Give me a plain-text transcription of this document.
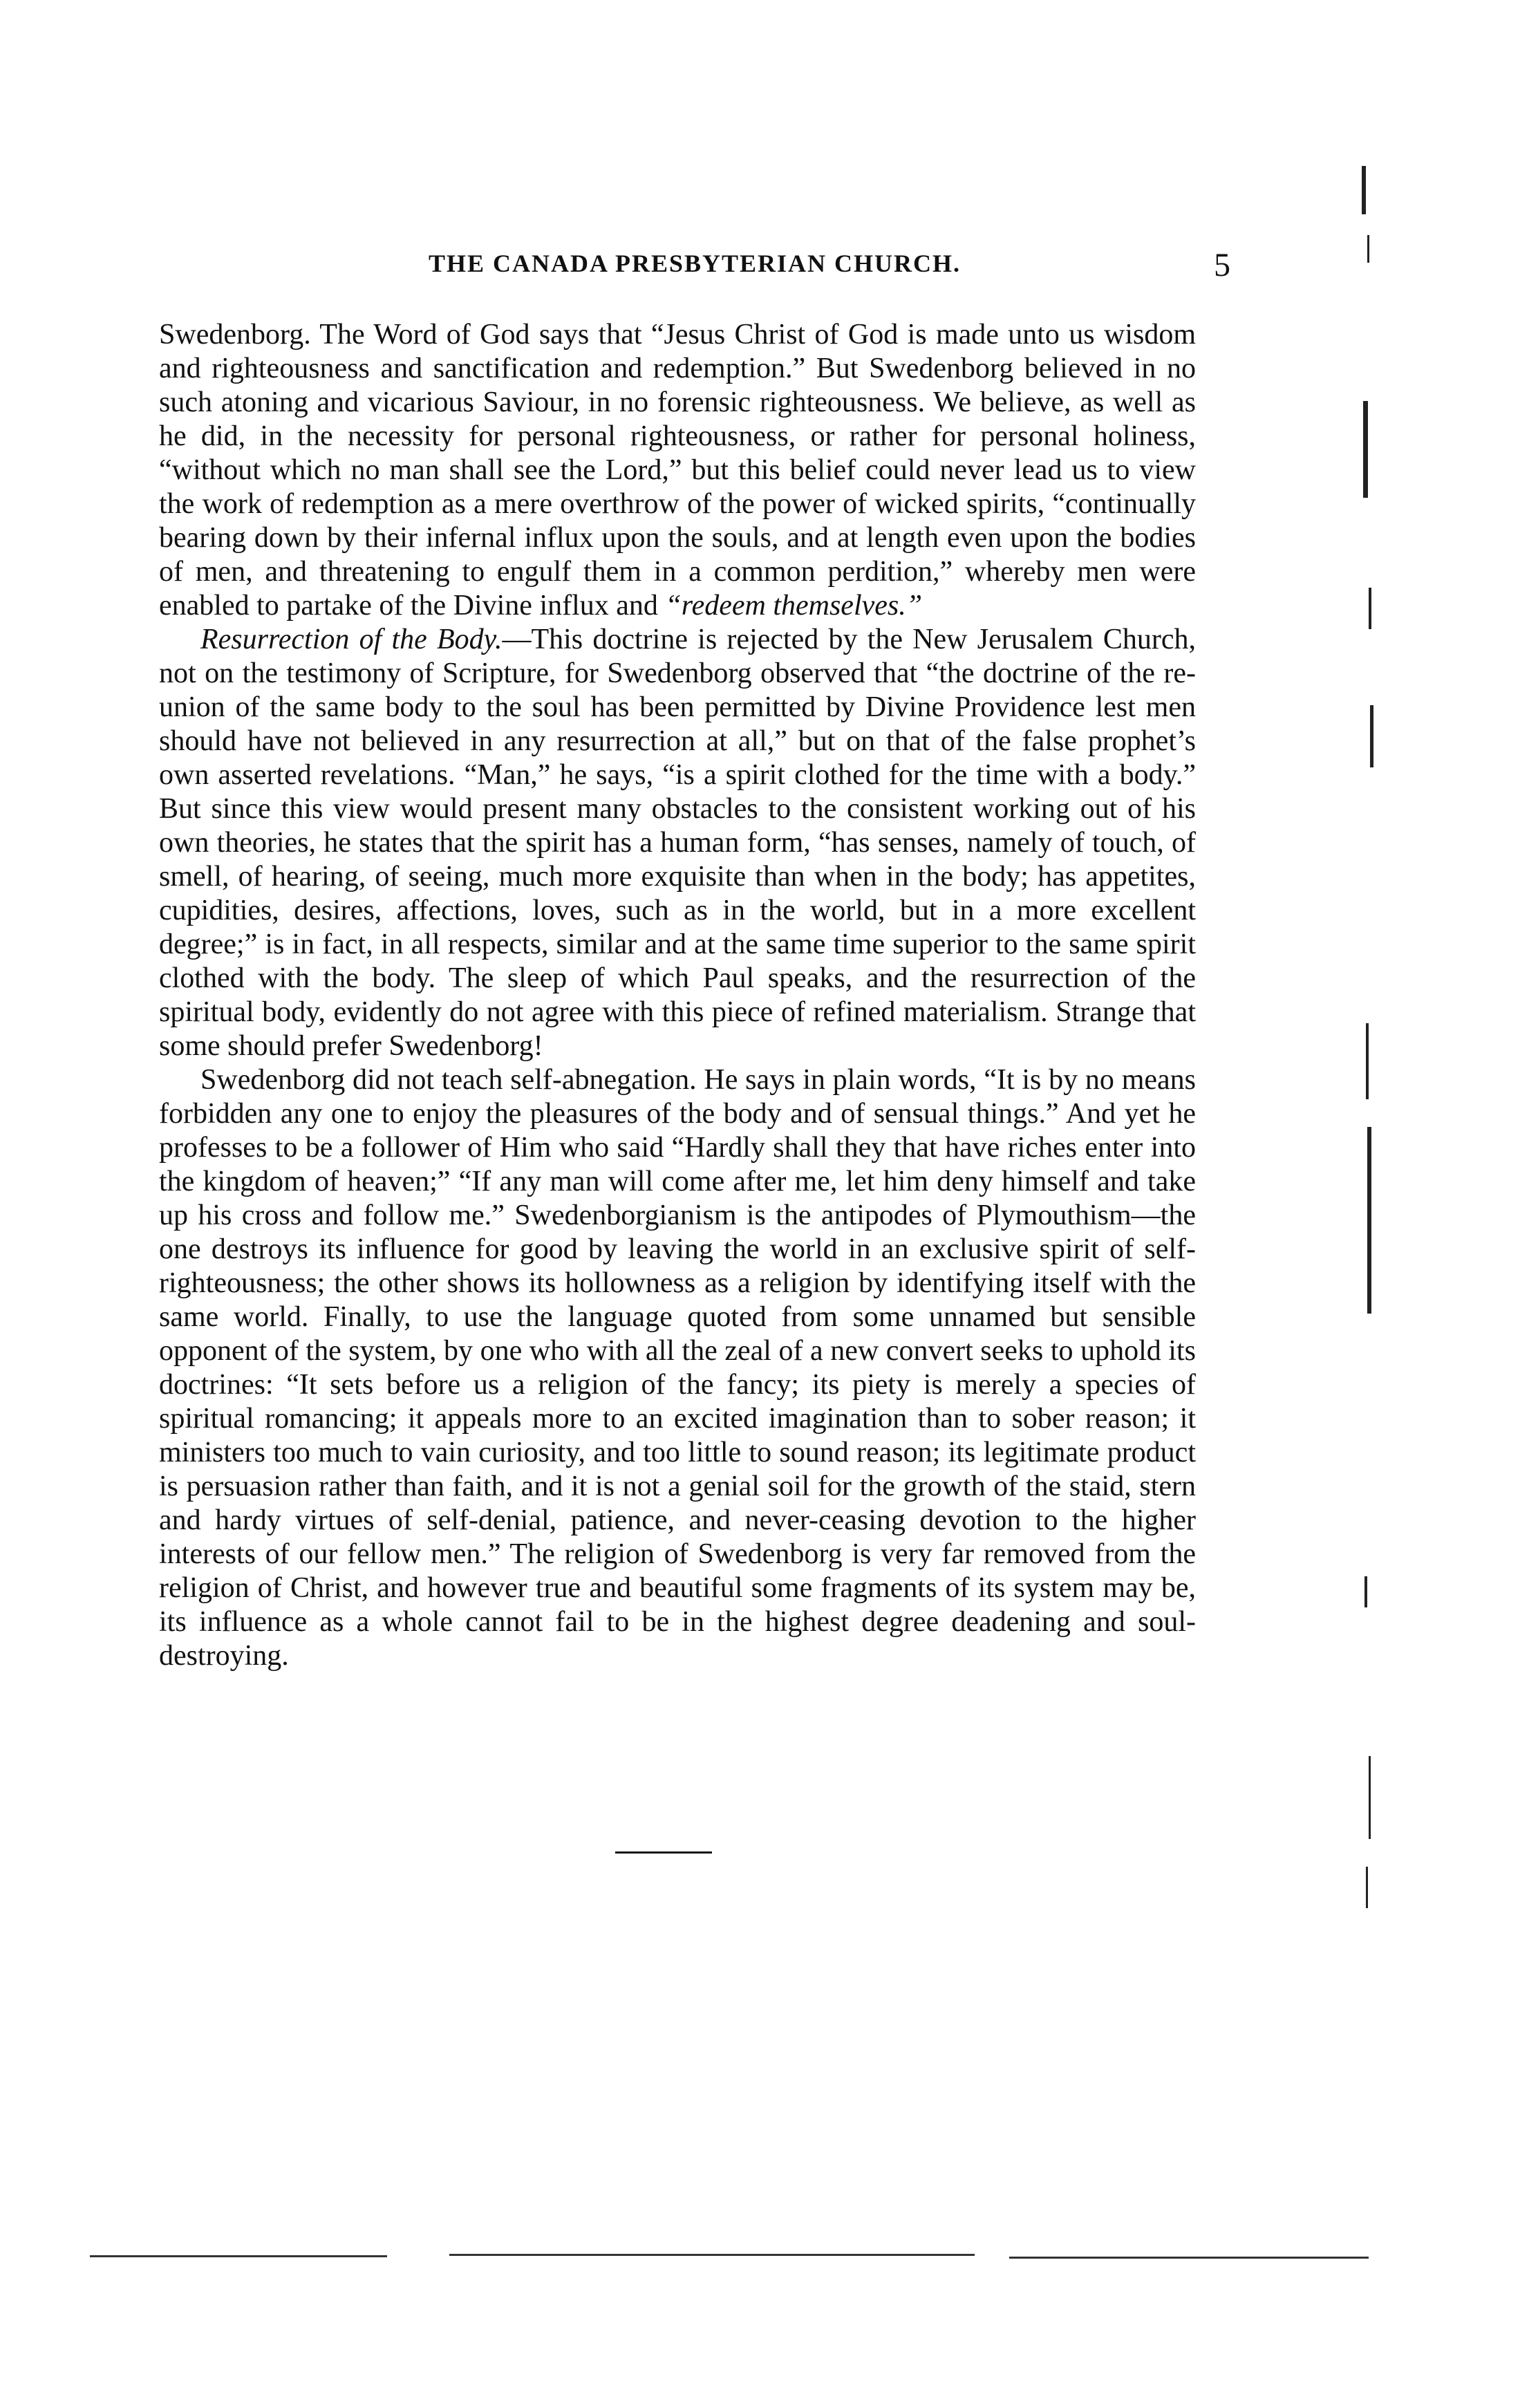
THE CANADA PRESBYTERIAN CHURCH.	5

Swedenborg. The Word of God says that “Jesus Christ of God is made unto us wisdom and righteousness and sanctification and redemption.” But Swedenborg believed in no such atoning and vicarious Saviour, in no forensic righteousness. We believe, as well as he did, in the necessity for personal righteousness, or rather for personal holiness, “without which no man shall see the Lord,” but this belief could never lead us to view the work of redemption as a mere overthrow of the power of wicked spirits, “continually bearing down by their infernal influx upon the souls, and at length even upon the bodies of men, and threatening to engulf them in a common perdition,” whereby men were enabled to partake of the Divine influx and “redeem themselves.”

Resurrection of the Body.—This doctrine is rejected by the New Jerusalem Church, not on the testimony of Scripture, for Swedenborg observed that “the doctrine of the re-union of the same body to the soul has been permitted by Divine Providence lest men should have not believed in any resurrection at all,” but on that of the false prophet’s own asserted revelations. “Man,” he says, “is a spirit clothed for the time with a body.” But since this view would present many obstacles to the consistent working out of his own theories, he states that the spirit has a human form, “has senses, namely of touch, of smell, of hearing, of seeing, much more exquisite than when in the body; has appetites, cupidities, desires, affections, loves, such as in the world, but in a more excellent degree;” is in fact, in all respects, similar and at the same time superior to the same spirit clothed with the body. The sleep of which Paul speaks, and the resurrection of the spiritual body, evidently do not agree with this piece of refined materialism. Strange that some should prefer Swedenborg!

Swedenborg did not teach self-abnegation. He says in plain words, “It is by no means forbidden any one to enjoy the pleasures of the body and of sensual things.” And yet he professes to be a follower of Him who said “Hardly shall they that have riches enter into the kingdom of heaven;” “If any man will come after me, let him deny himself and take up his cross and follow me.” Swedenborgianism is the antipodes of Plymouthism—the one destroys its influence for good by leaving the world in an exclusive spirit of self-righteousness; the other shows its hollowness as a religion by identifying itself with the same world. Finally, to use the language quoted from some unnamed but sensible opponent of the system, by one who with all the zeal of a new convert seeks to uphold its doctrines: “It sets before us a religion of the fancy; its piety is merely a species of spiritual romancing; it appeals more to an excited imagination than to sober reason; it ministers too much to vain curiosity, and too little to sound reason; its legitimate product is persuasion rather than faith, and it is not a genial soil for the growth of the staid, stern and hardy virtues of self-denial, patience, and never-ceasing devotion to the higher interests of our fellow men.” The religion of Swedenborg is very far removed from the religion of Christ, and however true and beautiful some fragments of its system may be, its influence as a whole cannot fail to be in the highest degree deadening and soul-destroying.
